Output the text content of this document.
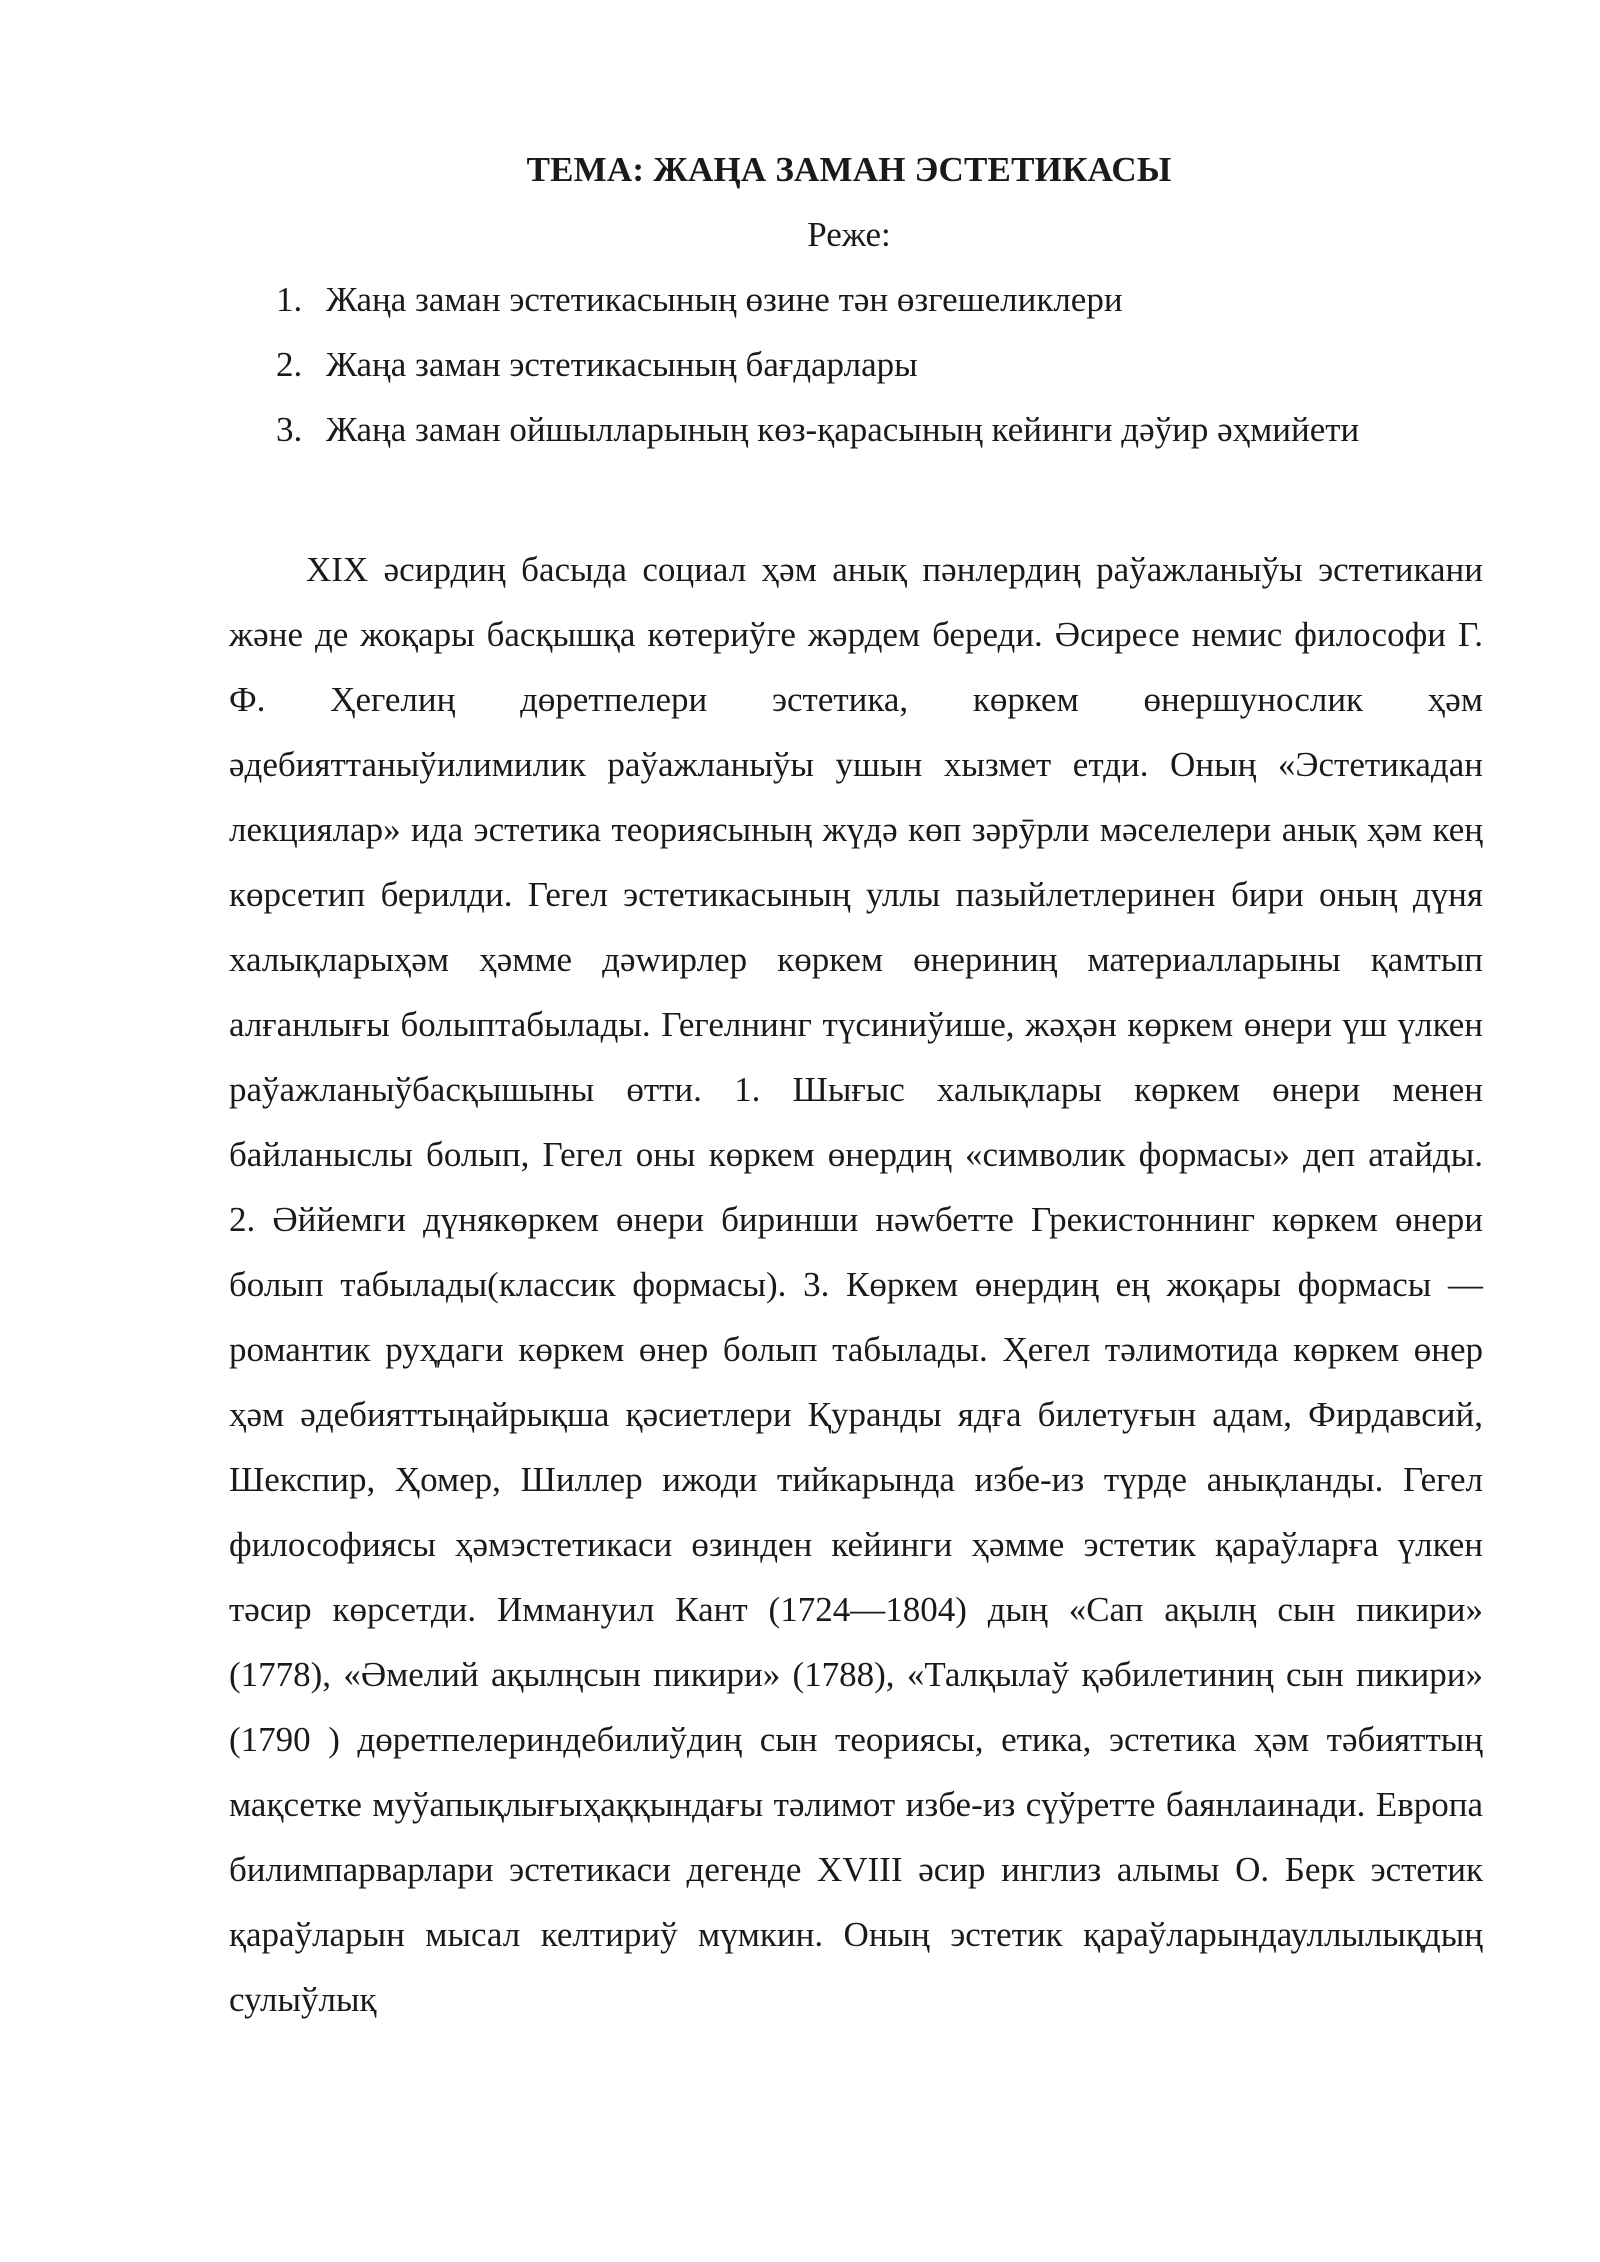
ТЕМА: ЖАҢА ЗАМАН ЭСТЕТИКАСЫ
Реже:
1. Жаңа заман эстетикасының өзине тән өзгешеликлери
2. Жаңа заман эстетикасының бағдарлары
3. Жаңа заман ойшылларының көз-қарасының кейинги дәўир әҳмийети

XIX әсирдиң басыда социал ҳәм анық пәнлердиң раўажланыўы эстетикани жәнe де жоқары басқышқа көтериўге жәрдем береди. Әсиресе немис философи Г. Ф. Ҳегелиң дөретпелери эстетика, көркем өнершунослик ҳәм әдебияттаныўилимилик раўажланыўы ушын хызмет етди. Оның «Эстетикадан лекциялар» ида эстетика теориясының жүдә көп зәрӯрли мәселелери анық ҳәм кең көрсетип берилди. Гегел эстетикасының уллы пазыйлетлеринен бири оның дүня халықларыҳәм ҳәмме дәwирлер көркем өнериниң материалларыны қамтып алғанлығы болыптабылады. Гегелнинг түсиниўише, жәҳән көркем өнери үш үлкен раўажланыўбасқышыны өтти. 1. Шығыс халықлары көркем өнери менен байланыслы болып, Гегел оны көркем өнердиң «символик формасы» деп атайды. 2. Әййемги дүнякөркем өнери биринши нәwбетте Грекистоннинг көркем өнери болып табылады(классик формасы). 3. Көркем өнердиң ең жоқары формасы — романтик руҳдаги көркем өнер болып табылады. Ҳегел тәлимотида көркем өнер ҳәм әдебияттыңайрықша қәсиетлери Қуранды ядға билетуғын адам, Фирдавсий, Шекспир, Ҳомер, Шиллер ижоди тийкарында избе-из түрде анықланды. Гегел философиясы ҳәмэстетикаси өзинден кейинги ҳәмме эстетик қараўларға үлкен тәсир көрсетди. Иммануил Кант (1724—1804) дың «Сап ақылң сын пикири» (1778), «Әмелий ақылңсын пикири» (1788), «Талқылаў қәбилетиниң сын пикири» (1790 ) дөретпелериндебилиўдиң сын теориясы, етика, эстетика ҳәм тәбияттың мақсетке муўапықлығыҳаққындағы тәлимот избе-из сүўретте баянлаинади. Европа билимпарварлари эстетикаси дегенде XVIII әсир инглиз алымы О. Берк эстетик қараўларын мысал келтириў мүмкин. Оның эстетик қараўларындауллылықдың сулыўлық
